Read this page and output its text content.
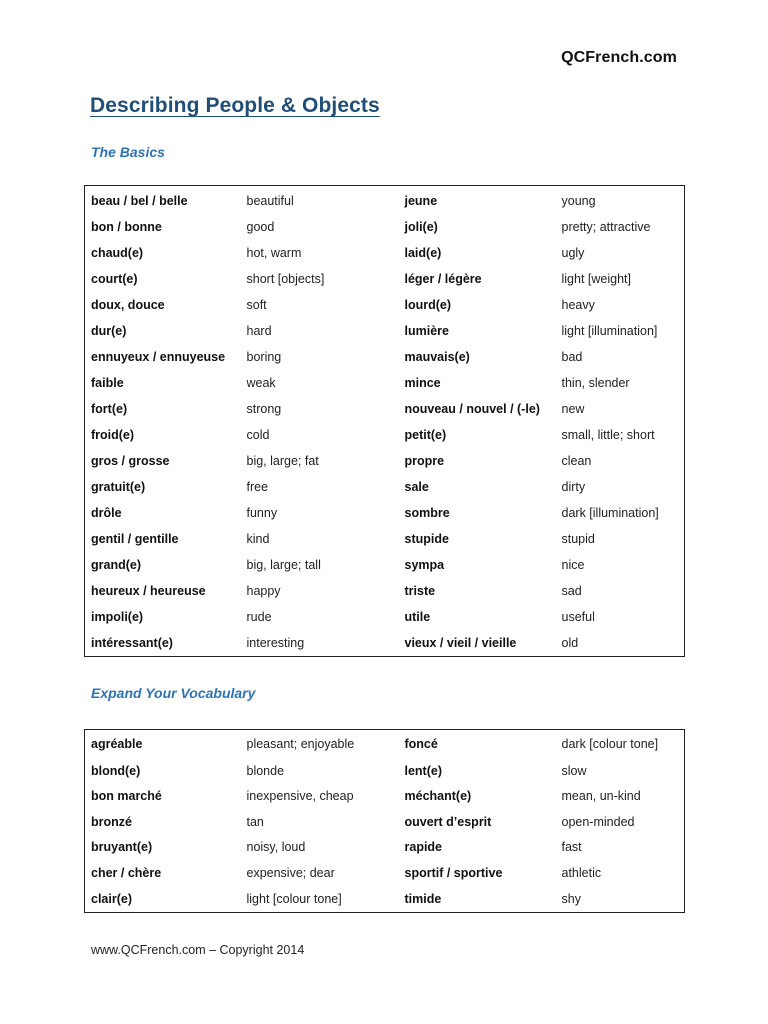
QCFrench.com
Describing People & Objects
The Basics
beau / bel / belle	beautiful	jeune	young
bon / bonne	good	joli(e)	pretty; attractive
chaud(e)	hot, warm	laid(e)	ugly
court(e)	short [objects]	léger / légère	light [weight]
doux, douce	soft	lourd(e)	heavy
dur(e)	hard	lumière	light [illumination]
ennuyeux / ennuyeuse	boring	mauvais(e)	bad
faible	weak	mince	thin, slender
fort(e)	strong	nouveau / nouvel / (-le)	new
froid(e)	cold	petit(e)	small, little; short
gros / grosse	big, large; fat	propre	clean
gratuit(e)	free	sale	dirty
drôle	funny	sombre	dark [illumination]
gentil / gentille	kind	stupide	stupid
grand(e)	big, large; tall	sympa	nice
heureux / heureuse	happy	triste	sad
impoli(e)	rude	utile	useful
intéressant(e)	interesting	vieux / vieil / vieille	old
Expand Your Vocabulary
agréable	pleasant; enjoyable	foncé	dark [colour tone]
blond(e)	blonde	lent(e)	slow
bon marché	inexpensive, cheap	méchant(e)	mean, un-kind
bronzé	tan	ouvert d’esprit	open-minded
bruyant(e)	noisy, loud	rapide	fast
cher / chère	expensive; dear	sportif / sportive	athletic
clair(e)	light [colour tone]	timide	shy
www.QCFrench.com – Copyright 2014
